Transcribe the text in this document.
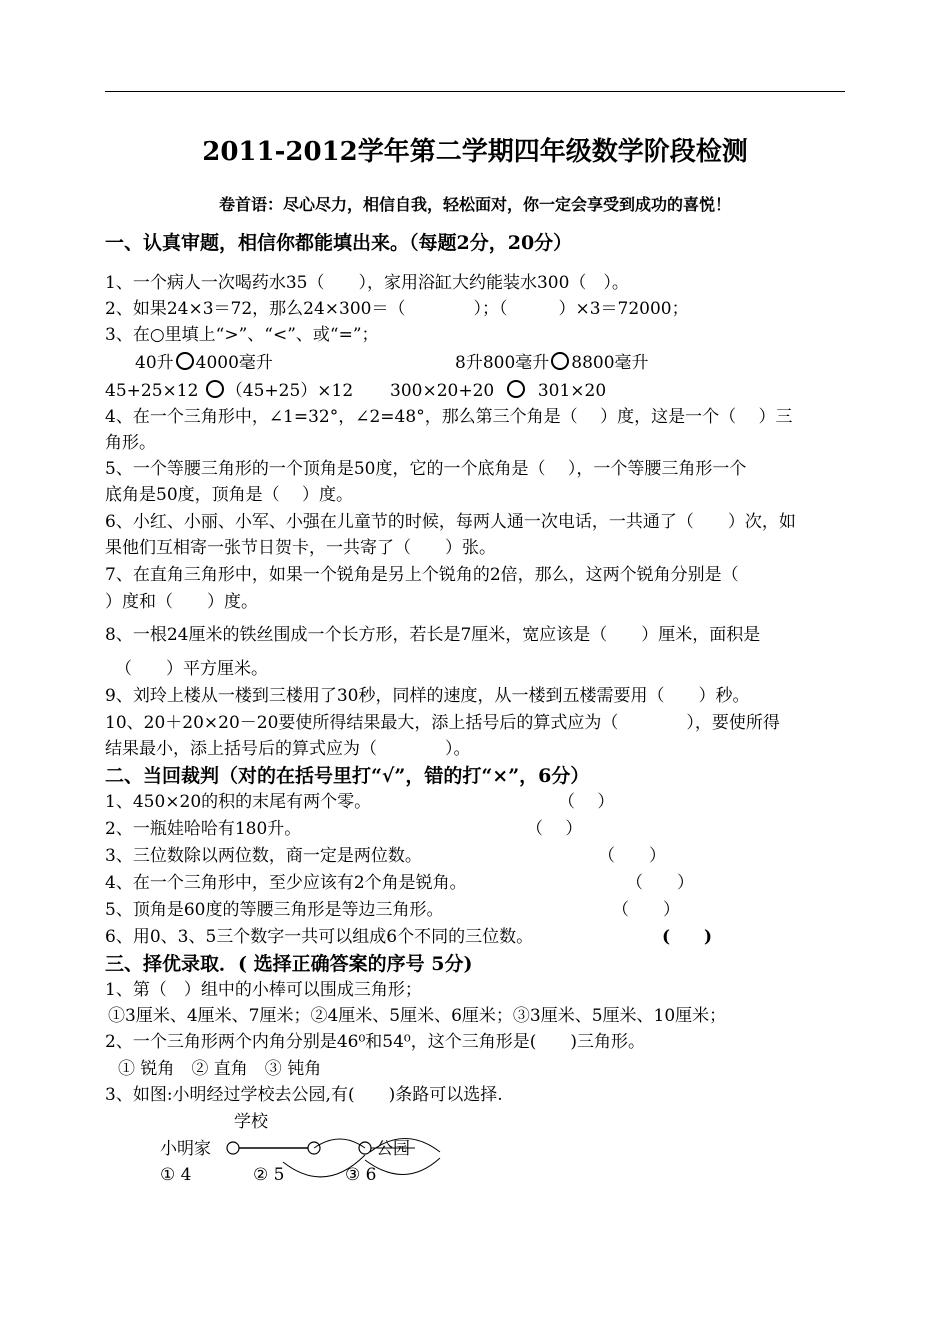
2011-2012学年第二学期四年级数学阶段检测
卷首语：尽心尽力，相信自我，轻松面对，你一定会享受到成功的喜悦！
一、认真审题，相信你都能填出来。（每题2分，20分）
1、一个病人一次喝药水35（　　），家用浴缸大约能装水300（　）。
2、如果24×3＝72，那么24×300＝（　　　　）；（　　　）×3＝72000；
3、在○里填上“>”、“<”、或“=”；
40升 4000毫升	8升800毫升 8800毫升
45+25×12 （45+25）×12	300×20+20	301×20
4、在一个三角形中，∠1=32°，∠2=48°，那么第三个角是（　 ）度，这是一个（　 ）三
角形。
5、一个等腰三角形的一个顶角是50度，它的一个底角是（　 ），一个等腰三角形一个
底角是50度，顶角是（　 ）度。
6、小红、小丽、小军、小强在儿童节的时候，每两人通一次电话，一共通了（　　）次，如
果他们互相寄一张节日贺卡，一共寄了（　　）张。
7、在直角三角形中，如果一个锐角是另上个锐角的2倍，那么，这两个锐角分别是（
）度和（　　）度。
8、一根24厘米的铁丝围成一个长方形，若长是7厘米，宽应该是（　　）厘米，面积是
（　　）平方厘米。
9、刘玲上楼从一楼到三楼用了30秒，同样的速度，从一楼到五楼需要用（　　）秒。
10、20＋20×20－20要使所得结果最大，添上括号后的算式应为（　　　　），要使所得
结果最小，添上括号后的算式应为（　　　　）。
二、当回裁判（对的在括号里打“√”，错的打“×”，6分）
1、450×20的积的末尾有两个零。	（　 ）
2、一瓶娃哈哈有180升。	（　 ）
3、三位数除以两位数，商一定是两位数。	（　　）
4、在一个三角形中，至少应该有2个角是锐角。	（　　）
5、顶角是60度的等腰三角形是等边三角形。	（　　）
6、用0、3、5三个数字一共可以组成6个不同的三位数。	(　　)
三、择优录取．( 选择正确答案的序号 5分)
1、第（　）组中的小棒可以围成三角形；
①3厘米、4厘米、7厘米；②4厘米、5厘米、6厘米；③3厘米、5厘米、10厘米；
2、一个三角形两个内角分别是46⁰和54⁰，这个三角形是(　　)三角形。
① 锐角　② 直角　③ 钝角
3、如图:小明经过学校去公园,有(　　)条路可以选择.
学校
小明家	公园
① 4	② 5	③ 6
